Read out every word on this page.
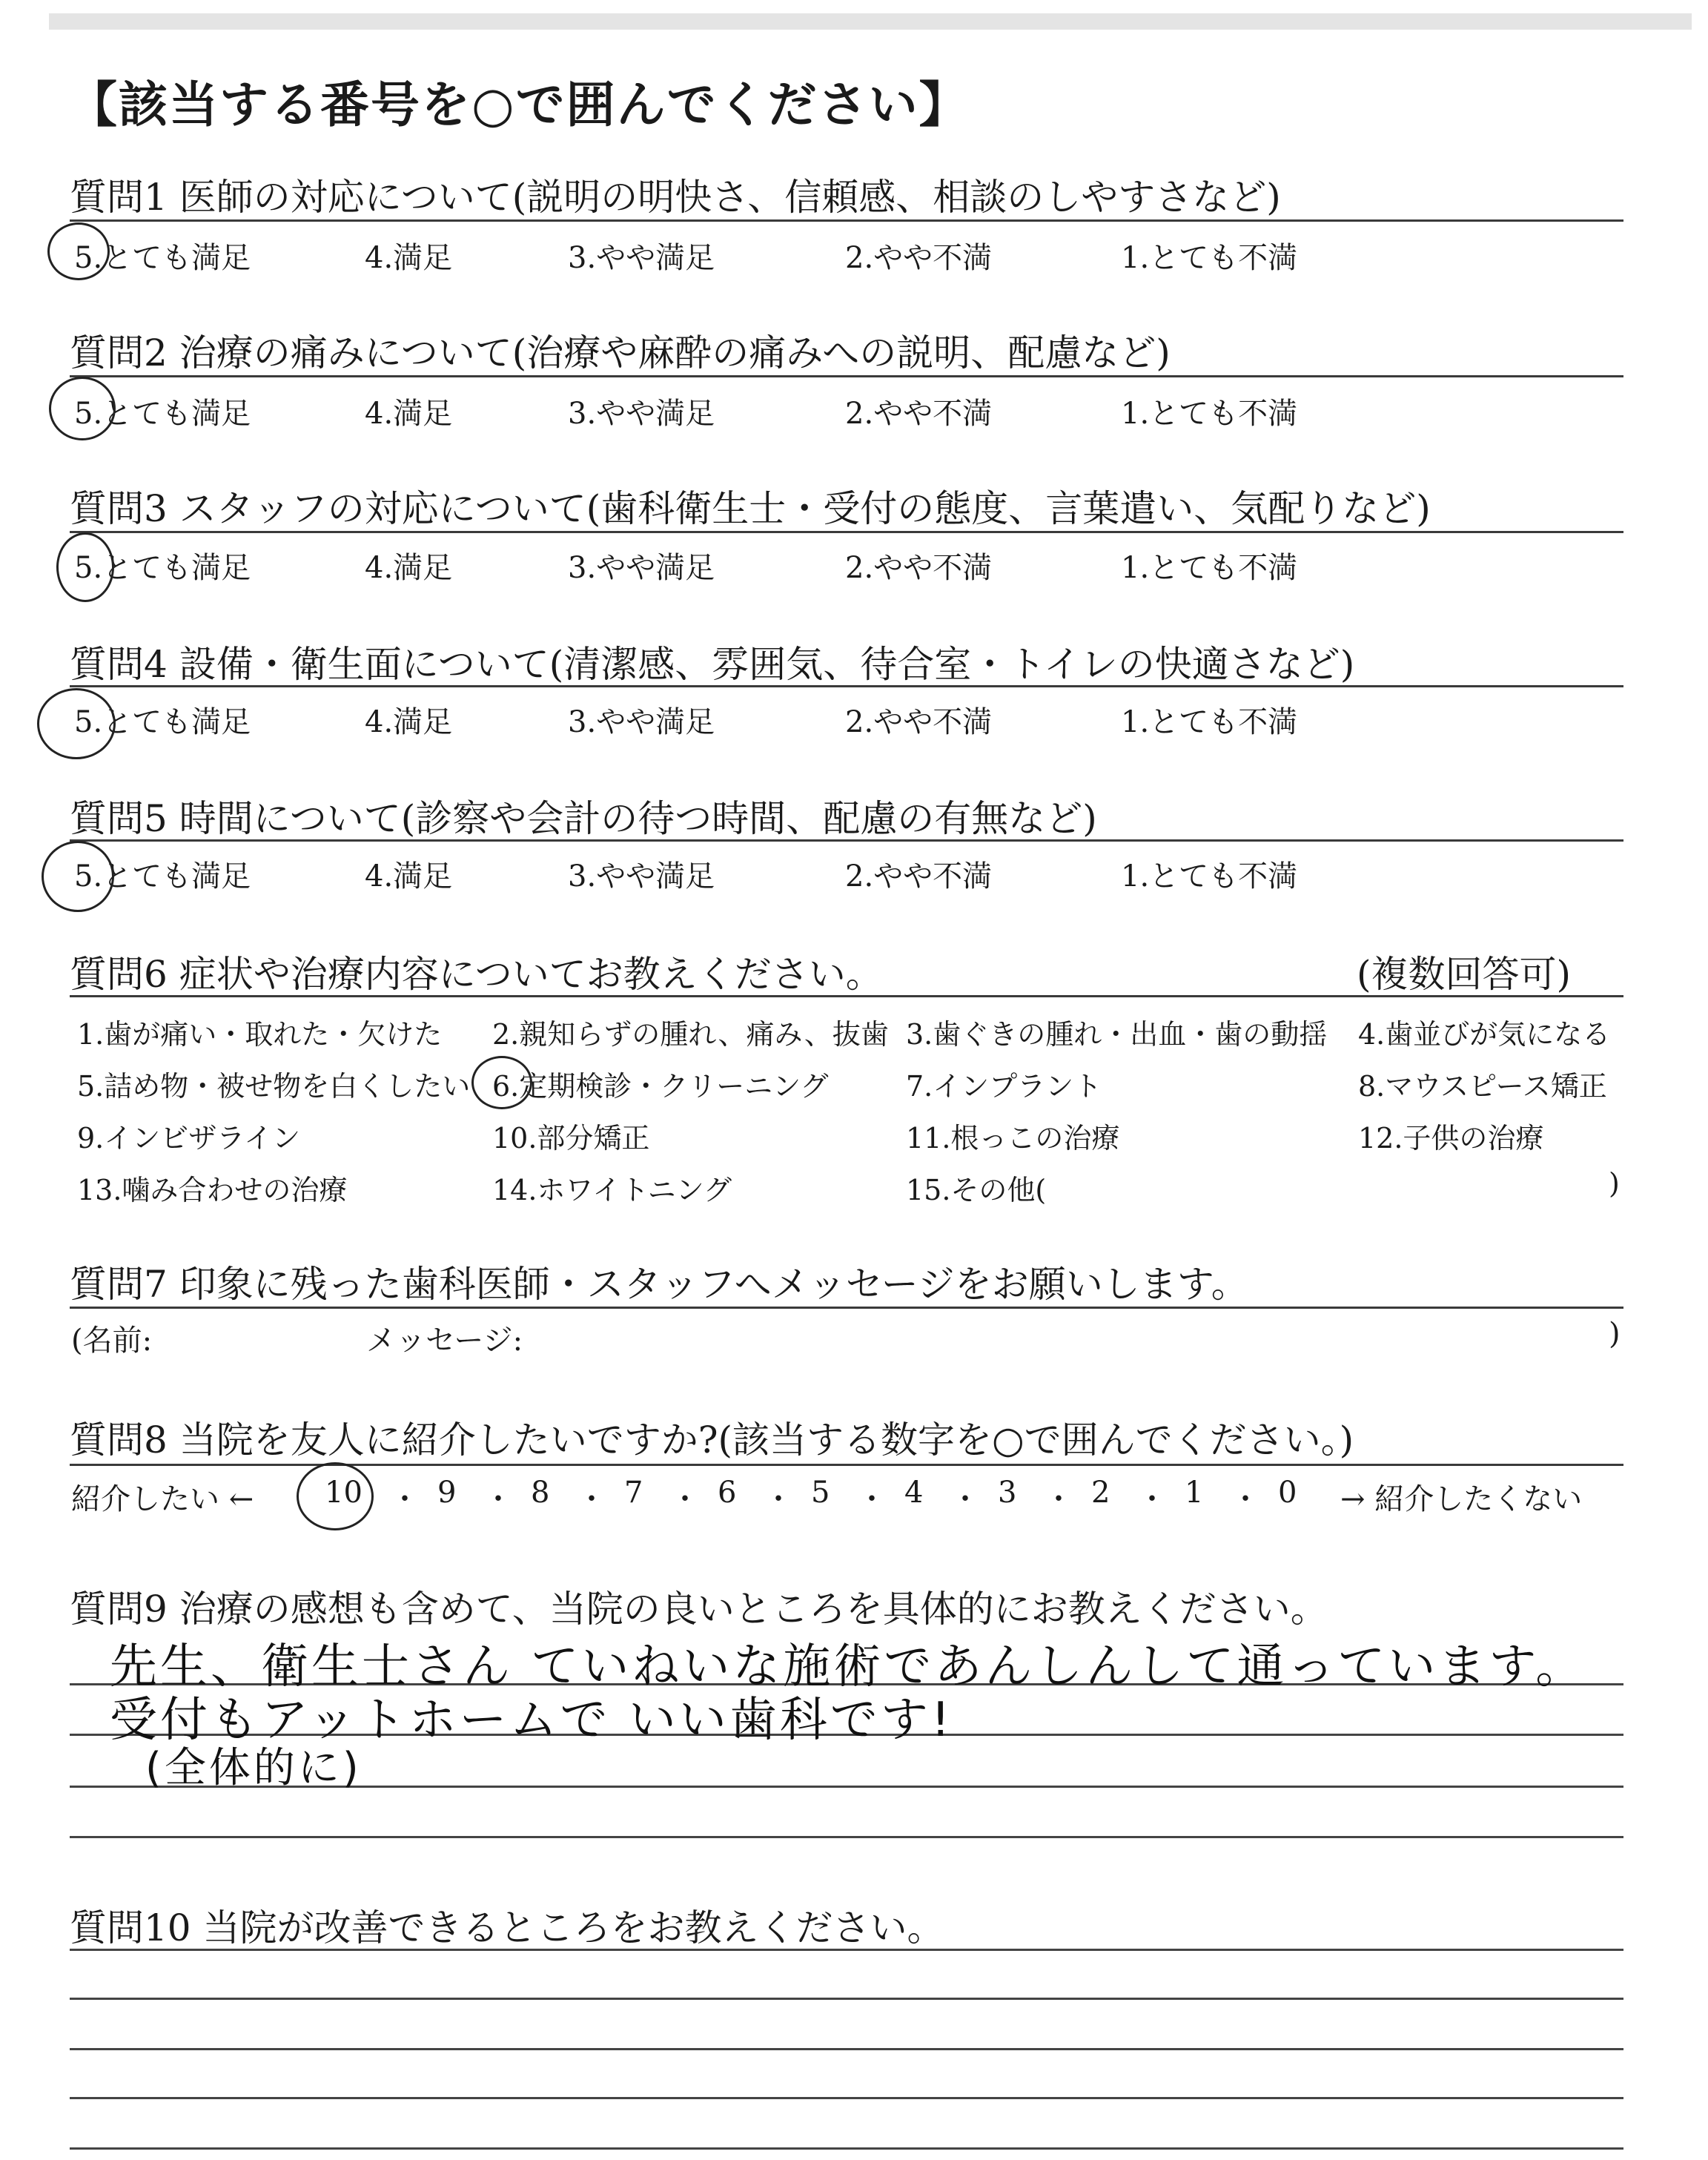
【該当する番号を○で囲んでください】
質問1 医師の対応について(説明の明快さ、信頼感、相談のしやすさなど)
5.とても満足	4.満足	3.やや満足	2.やや不満	1.とても不満
質問2 治療の痛みについて(治療や麻酔の痛みへの説明、配慮など)
5.とても満足	4.満足	3.やや満足	2.やや不満	1.とても不満
質問3 スタッフの対応について(歯科衛生士・受付の態度、言葉遣い、気配りなど)
5.とても満足	4.満足	3.やや満足	2.やや不満	1.とても不満
質問4 設備・衛生面について(清潔感、雰囲気、待合室・トイレの快適さなど)
5.とても満足	4.満足	3.やや満足	2.やや不満	1.とても不満
質問5 時間について(診察や会計の待つ時間、配慮の有無など)
5.とても満足	4.満足	3.やや満足	2.やや不満	1.とても不満
質問6 症状や治療内容についてお教えください。	(複数回答可)
1.歯が痛い・取れた・欠けた 2.親知らずの腫れ、痛み、抜歯 3.歯ぐきの腫れ・出血・歯の動揺 4.歯並びが気になる
5.詰め物・被せ物を白くしたい 6.定期検診・クリーニング	7.インプラント	8.マウスピース矯正
9.インビザライン	10.部分矯正	11.根っこの治療	12.子供の治療
13.噛み合わせの治療	14.ホワイトニング	15.その他(	)
質問7 印象に残った歯科医師・スタッフへメッセージをお願いします。
(名前:	メッセージ:	)
質問8 当院を友人に紹介したいですか?(該当する数字を○で囲んでください。)
紹介したい ←	→ 紹介したくない
10 ・ 9 ・ 8 ・ 7 ・ 6 ・ 5 ・ 4 ・ 3 ・ 2 ・ 1 ・ 0
質問9 治療の感想も含めて、当院の良いところを具体的にお教えください。
先生、衛生士さん ていねいな施術であんしんして通っています。
受付もアットホームで いい歯科です!
(全体的に)
質問10 当院が改善できるところをお教えください。
